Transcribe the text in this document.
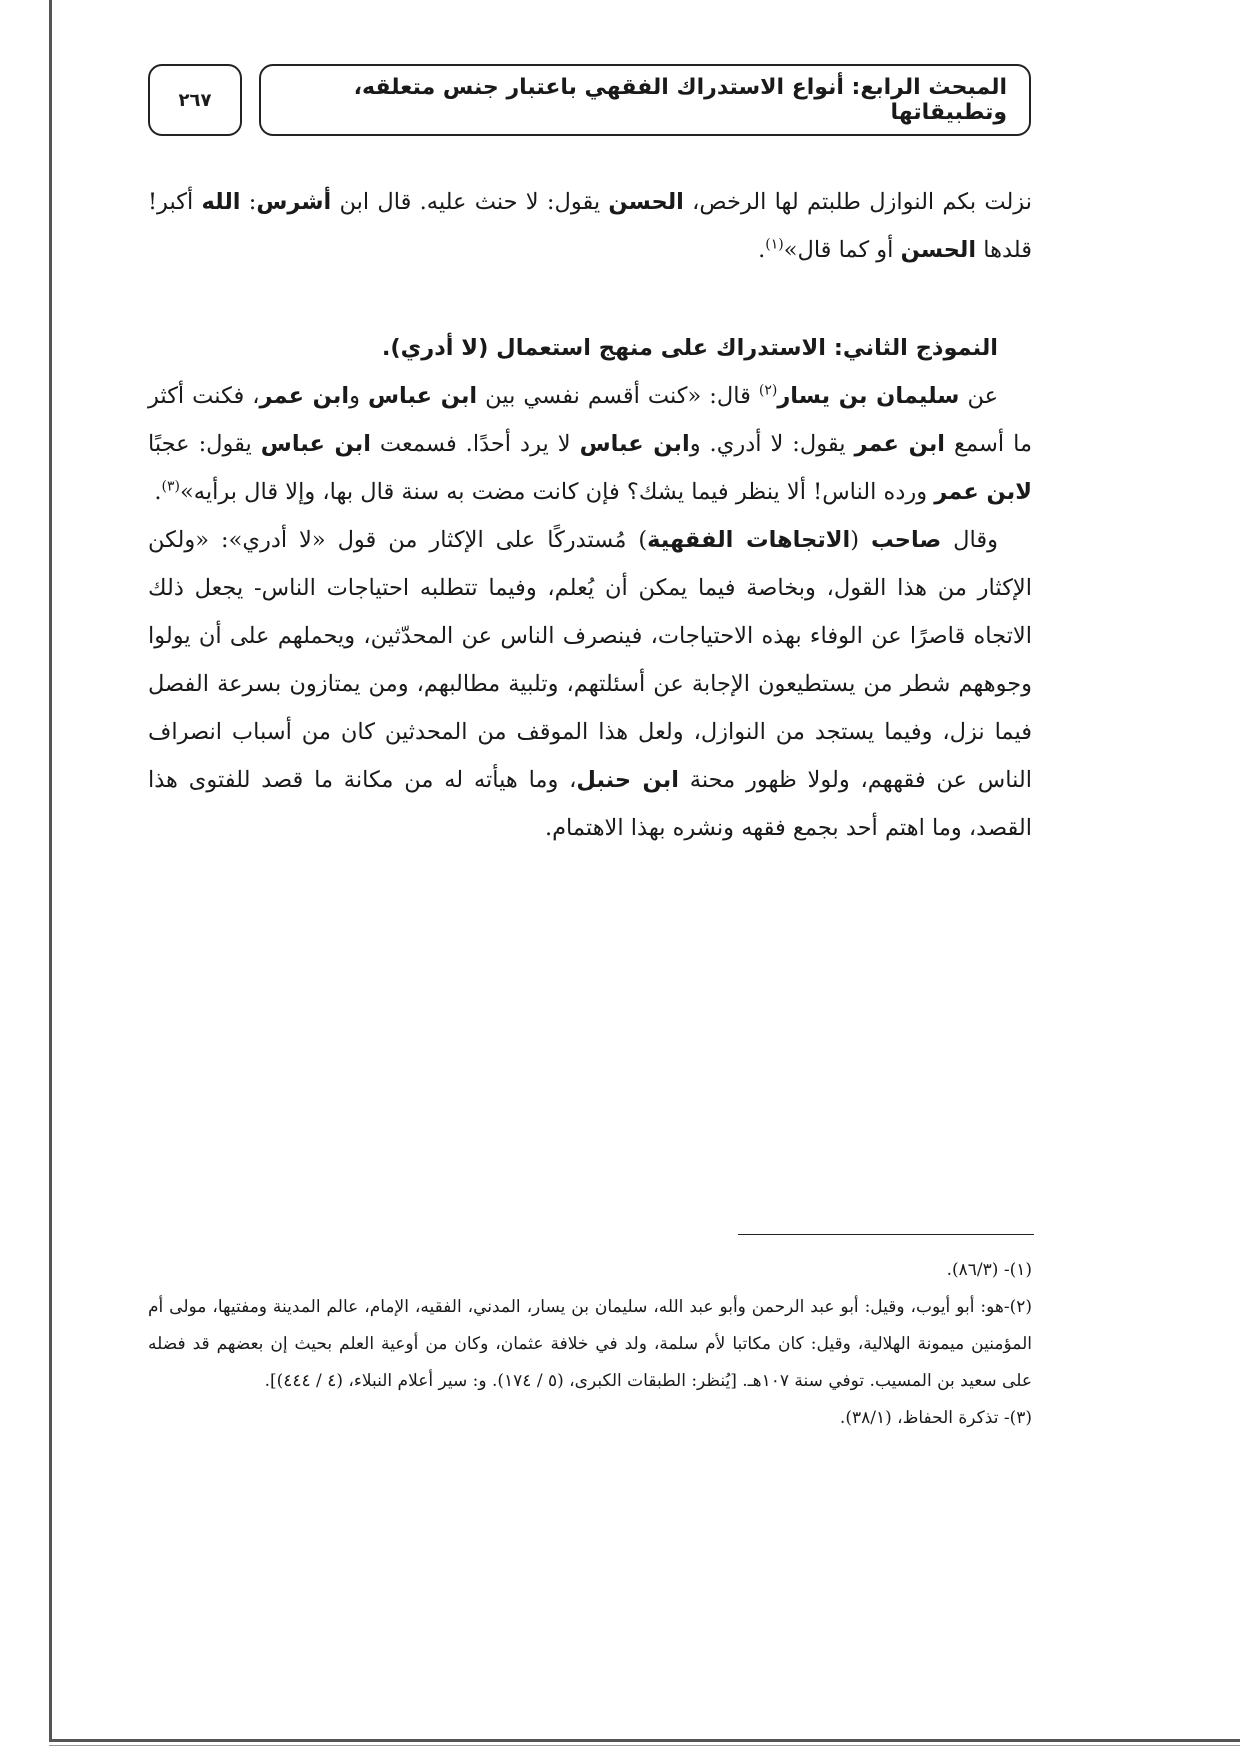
المبحث الرابع: أنواع الاستدراك الفقهي باعتبار جنس متعلقه، وتطبيقاتها
٢٦٧

نزلت بكم النوازل طلبتم لها الرخص، الحسن يقول: لا حنث عليه. قال ابن أشرس: الله أكبر! قلدها الحسن أو كما قال»$^{(١)}$.

النموذج الثاني: الاستدراك على منهج استعمال (لا أدري).

عن سليمان بن يسار$^{(٢)}$ قال: «كنت أقسم نفسي بين ابن عباس وابن عمر، فكنت أكثر ما أسمع ابن عمر يقول: لا أدري. وابن عباس لا يرد أحدًا. فسمعت ابن عباس يقول: عجبًا لابن عمر ورده الناس! ألا ينظر فيما يشك؟ فإن كانت مضت به سنة قال بها، وإلا قال برأيه»$^{(٣)}$.

وقال صاحب (الاتجاهات الفقهية) مُستدركًا على الإكثار من قول «لا أدري»: «ولكن الإكثار من هذا القول، وبخاصة فيما يمكن أن يُعلم، وفيما تتطلبه احتياجات الناس- يجعل ذلك الاتجاه قاصرًا عن الوفاء بهذه الاحتياجات، فينصرف الناس عن المحدّثين، ويحملهم على أن يولوا وجوههم شطر من يستطيعون الإجابة عن أسئلتهم، وتلبية مطالبهم، ومن يمتازون بسرعة الفصل فيما نزل، وفيما يستجد من النوازل، ولعل هذا الموقف من المحدثين كان من أسباب انصراف الناس عن فقههم، ولولا ظهور محنة ابن حنبل، وما هيأته له من مكانة ما قصد للفتوى هذا القصد، وما اهتم أحد بجمع فقهه ونشره بهذا الاهتمام.

(١)- (٨٦/٣).

(٢)-هو: أبو أيوب، وقيل: أبو عبد الرحمن وأبو عبد الله، سليمان بن يسار، المدني، الفقيه، الإمام، عالم المدينة ومفتيها، مولى أم المؤمنين ميمونة الهلالية، وقيل: كان مكاتبا لأم سلمة، ولد في خلافة عثمان، وكان من أوعية العلم بحيث إن بعضهم قد فضله على سعيد بن المسيب. توفي سنة ١٠٧هـ. [يُنظر: الطبقات الكبرى، (٥ / ١٧٤). و: سير أعلام النبلاء، (٤ / ٤٤٤)].

(٣)- تذكرة الحفاظ، (٣٨/١).
